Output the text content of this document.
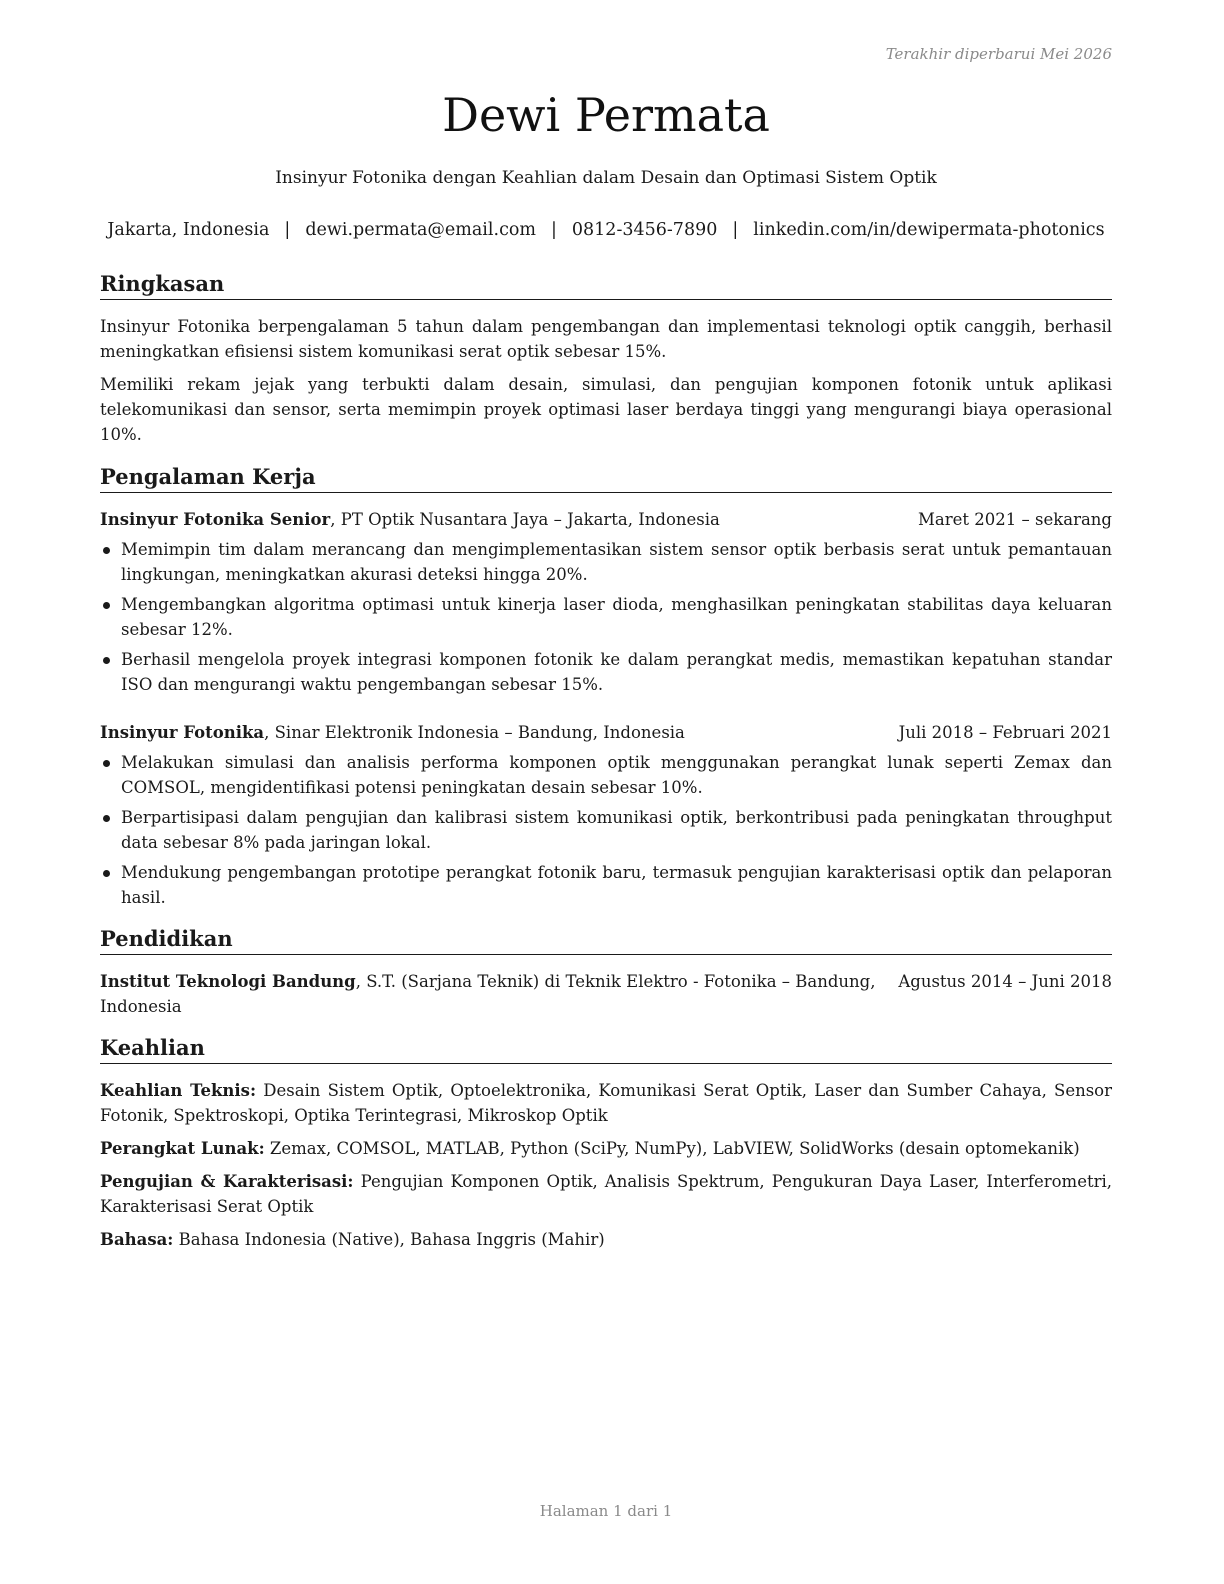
Terakhir diperbarui Mei 2026
Dewi Permata
Insinyur Fotonika dengan Keahlian dalam Desain dan Optimasi Sistem Optik
Jakarta, Indonesia | dewi.permata@email.com | 0812-3456-7890 | linkedin.com/in/dewipermata-photonics
Ringkasan

Insinyur Fotonika berpengalaman 5 tahun dalam pengembangan dan implementasi teknologi optik canggih, berhasil meningkatkan efisiensi sistem komunikasi serat optik sebesar 15%.

Memiliki rekam jejak yang terbukti dalam desain, simulasi, dan pengujian komponen fotonik untuk aplikasi telekomunikasi dan sensor, serta memimpin proyek optimasi laser berdaya tinggi yang mengurangi biaya operasional 10%.

Pengalaman Kerja
Insinyur Fotonika Senior, PT Optik Nusantara Jaya – Jakarta, Indonesia	Maret 2021 – sekarang
Memimpin tim dalam merancang dan mengimplementasikan sistem sensor optik berbasis serat untuk pemantauan lingkungan, meningkatkan akurasi deteksi hingga 20%.
Mengembangkan algoritma optimasi untuk kinerja laser dioda, menghasilkan peningkatan stabilitas daya keluaran sebesar 12%.
Berhasil mengelola proyek integrasi komponen fotonik ke dalam perangkat medis, memastikan kepatuhan standar ISO dan mengurangi waktu pengembangan sebesar 15%.
Insinyur Fotonika, Sinar Elektronik Indonesia – Bandung, Indonesia	Juli 2018 – Februari 2021
Melakukan simulasi dan analisis performa komponen optik menggunakan perangkat lunak seperti Zemax dan COMSOL, mengidentifikasi potensi peningkatan desain sebesar 10%.
Berpartisipasi dalam pengujian dan kalibrasi sistem komunikasi optik, berkontribusi pada peningkatan throughput data sebesar 8% pada jaringan lokal.
Mendukung pengembangan prototipe perangkat fotonik baru, termasuk pengujian karakterisasi optik dan pelaporan hasil.
Pendidikan
Institut Teknologi Bandung, S.T. (Sarjana Teknik) di Teknik Elektro - Fotonika – Bandung, Agustus 2014 – Juni 2018
Indonesia
Keahlian
Keahlian Teknis: Desain Sistem Optik, Optoelektronika, Komunikasi Serat Optik, Laser dan Sumber Cahaya, Sensor Fotonik, Spektroskopi, Optika Terintegrasi, Mikroskop Optik
Perangkat Lunak: Zemax, COMSOL, MATLAB, Python (SciPy, NumPy), LabVIEW, SolidWorks (desain optomekanik)
Pengujian & Karakterisasi: Pengujian Komponen Optik, Analisis Spektrum, Pengukuran Daya Laser, Interferometri, Karakterisasi Serat Optik
Bahasa: Bahasa Indonesia (Native), Bahasa Inggris (Mahir)
Halaman 1 dari 1
